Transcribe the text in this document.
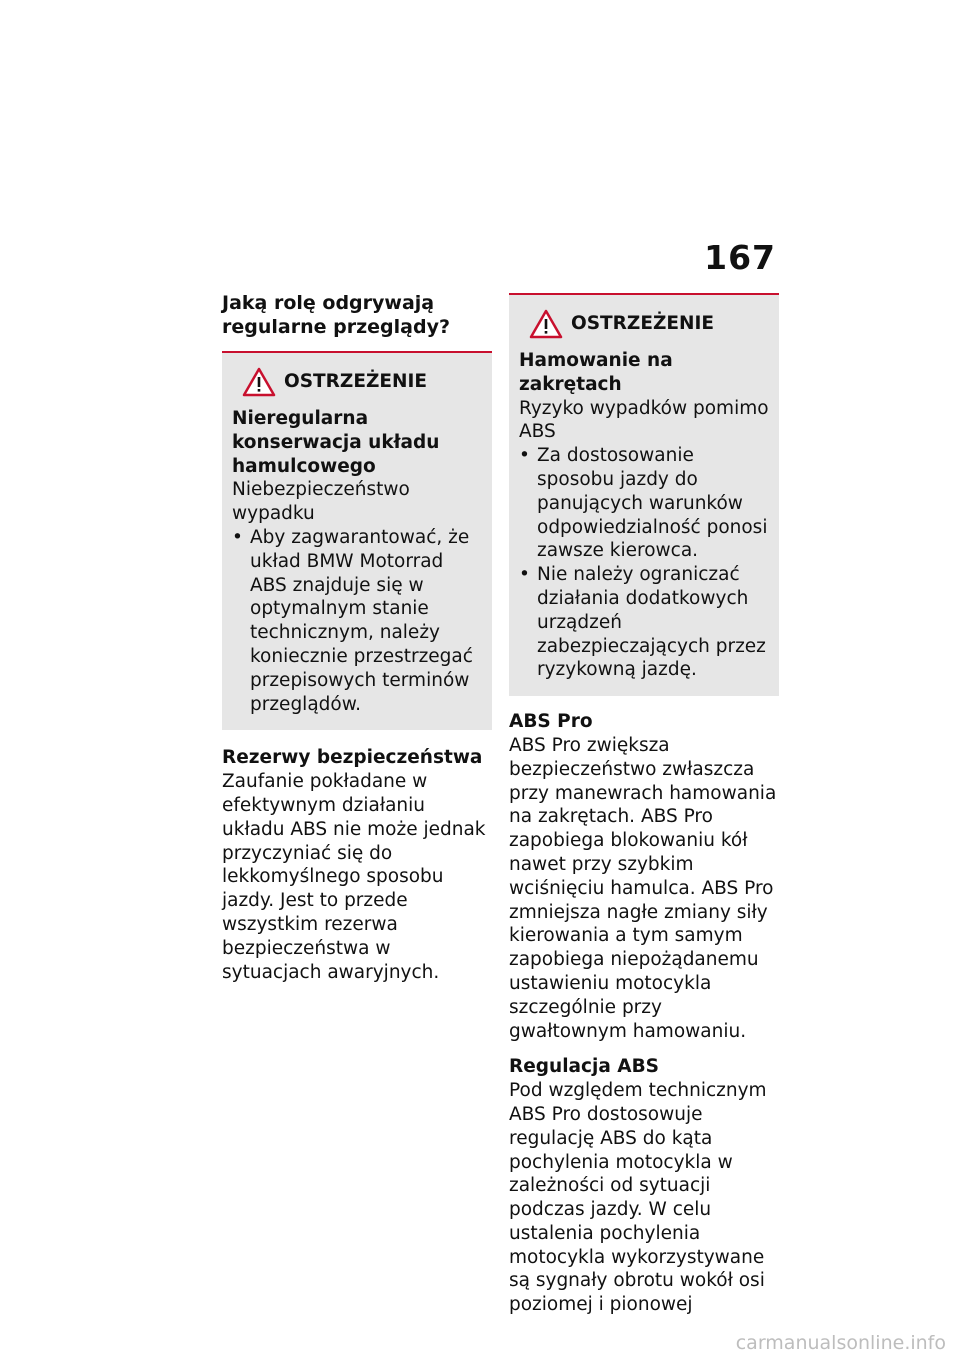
167
Jaką rolę odgrywają regularne przeglądy?
OSTRZEŻENIE
Nieregularna konserwacja układu hamulcowego
Niebezpieczeństwo wypadku
• Aby zagwarantować, że układ BMW Motorrad ABS znajduje się w optymalnym stanie technicznym, należy koniecznie przestrzegać przepisowych terminów przeglądów.
Rezerwy bezpieczeństwa

Zaufanie pokładane w efektywnym działaniu układu ABS nie może jednak przyczyniać się do lekkomyślnego sposobu jazdy. Jest to przede wszystkim rezerwa bezpieczeństwa w sytuacjach awaryjnych.

OSTRZEŻENIE
Hamowanie na zakrętach
Ryzyko wypadków pomimo ABS
• Za dostosowanie sposobu jazdy do panujących warunków odpowiedzialność ponosi zawsze kierowca.
• Nie należy ograniczać działania dodatkowych urządzeń zabezpieczających przez ryzykowną jazdę.
ABS Pro

ABS Pro zwiększa bezpieczeństwo zwłaszcza przy manewrach hamowania na zakrętach. ABS Pro zapobiega blokowaniu kół nawet przy szybkim wciśnięciu hamulca. ABS Pro zmniejsza nagłe zmiany siły kierowania a tym samym zapobiega niepożądanemu ustawieniu motocykla szczególnie przy gwałtownym hamowaniu.

Regulacja ABS

Pod względem technicznym ABS Pro dostosowuje regulację ABS do kąta pochylenia motocykla w zależności od sytuacji podczas jazdy. W celu ustalenia pochylenia motocykla wykorzystywane są sygnały obrotu wokół osi poziomej i pionowej

carmanualsonline.info
